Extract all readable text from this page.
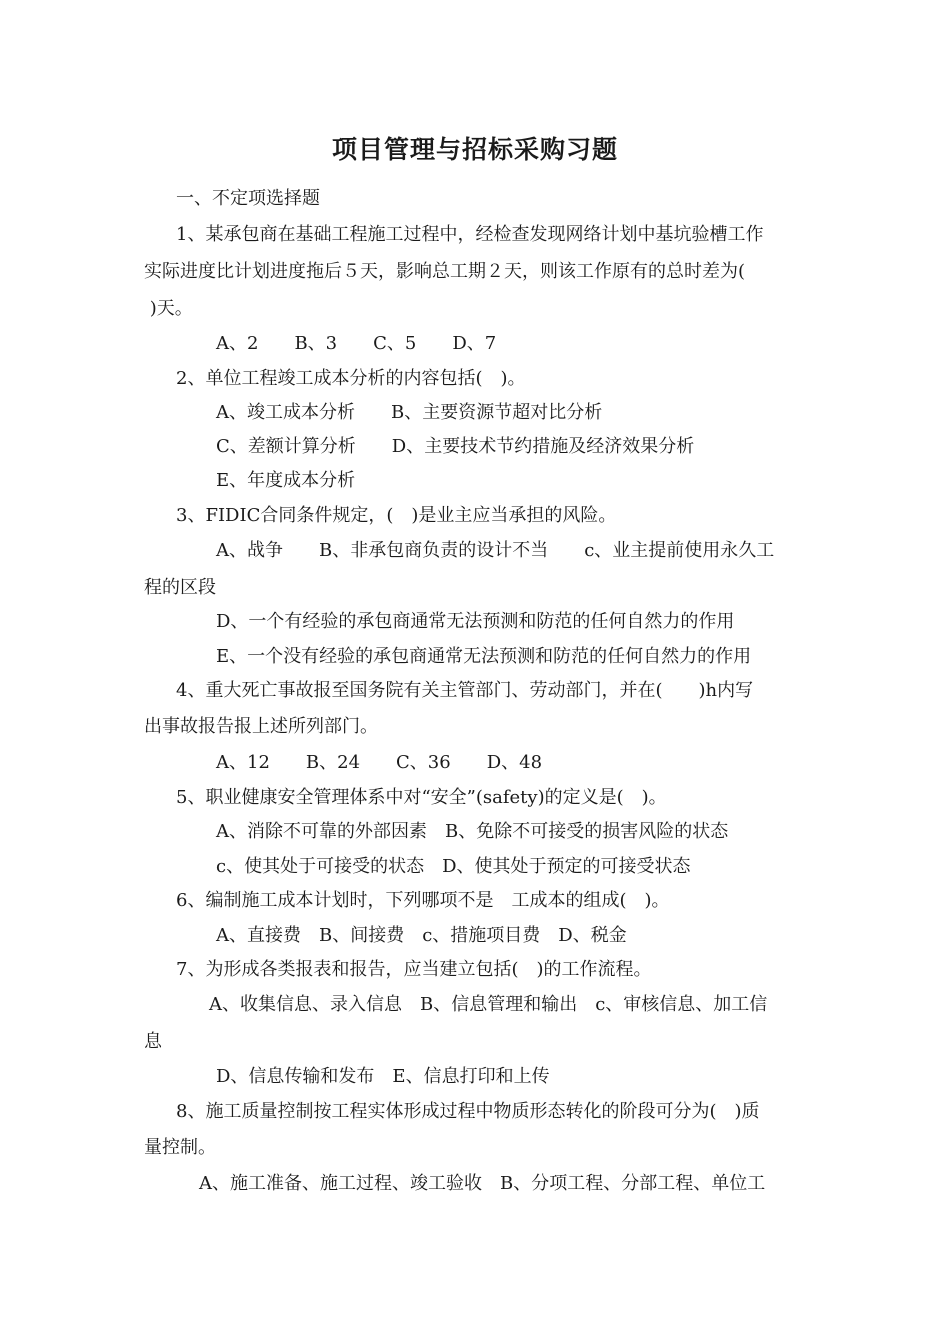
项目管理与招标采购习题
一、不定项选择题
1、某承包商在基础工程施工过程中，经检查发现网络计划中基坑验槽工作
实际进度比计划进度拖后５天，影响总工期２天，则该工作原有的总时差为(
)天。
A、2　　B、3　　C、5　　D、7
2、单位工程竣工成本分析的内容包括(　)。
A、竣工成本分析　　B、主要资源节超对比分析
C、差额计算分析　　D、主要技术节约措施及经济效果分析
E、年度成本分析
3、FIDIC合同条件规定，(　)是业主应当承担的风险。
A、战争　　B、非承包商负责的设计不当　　c、业主提前使用永久工
程的区段
D、一个有经验的承包商通常无法预测和防范的任何自然力的作用
E、一个没有经验的承包商通常无法预测和防范的任何自然力的作用
4、重大死亡事故报至国务院有关主管部门、劳动部门，并在(　　)h内写
出事故报告报上述所列部门。
A、12　　B、24　　C、36　　D、48
5、职业健康安全管理体系中对“安全”(safety)的定义是(　)。
A、消除不可靠的外部因素　B、免除不可接受的损害风险的状态
c、使其处于可接受的状态　D、使其处于预定的可接受状态
6、编制施工成本计划时，下列哪项不是　工成本的组成(　)。
A、直接费　B、间接费　c、措施项目费　D、税金
7、为形成各类报表和报告，应当建立包括(　)的工作流程。
A、收集信息、录入信息　B、信息管理和输出　c、审核信息、加工信
息
D、信息传输和发布　E、信息打印和上传
8、施工质量控制按工程实体形成过程中物质形态转化的阶段可分为(　)质
量控制。
A、施工准备、施工过程、竣工验收　B、分项工程、分部工程、单位工
